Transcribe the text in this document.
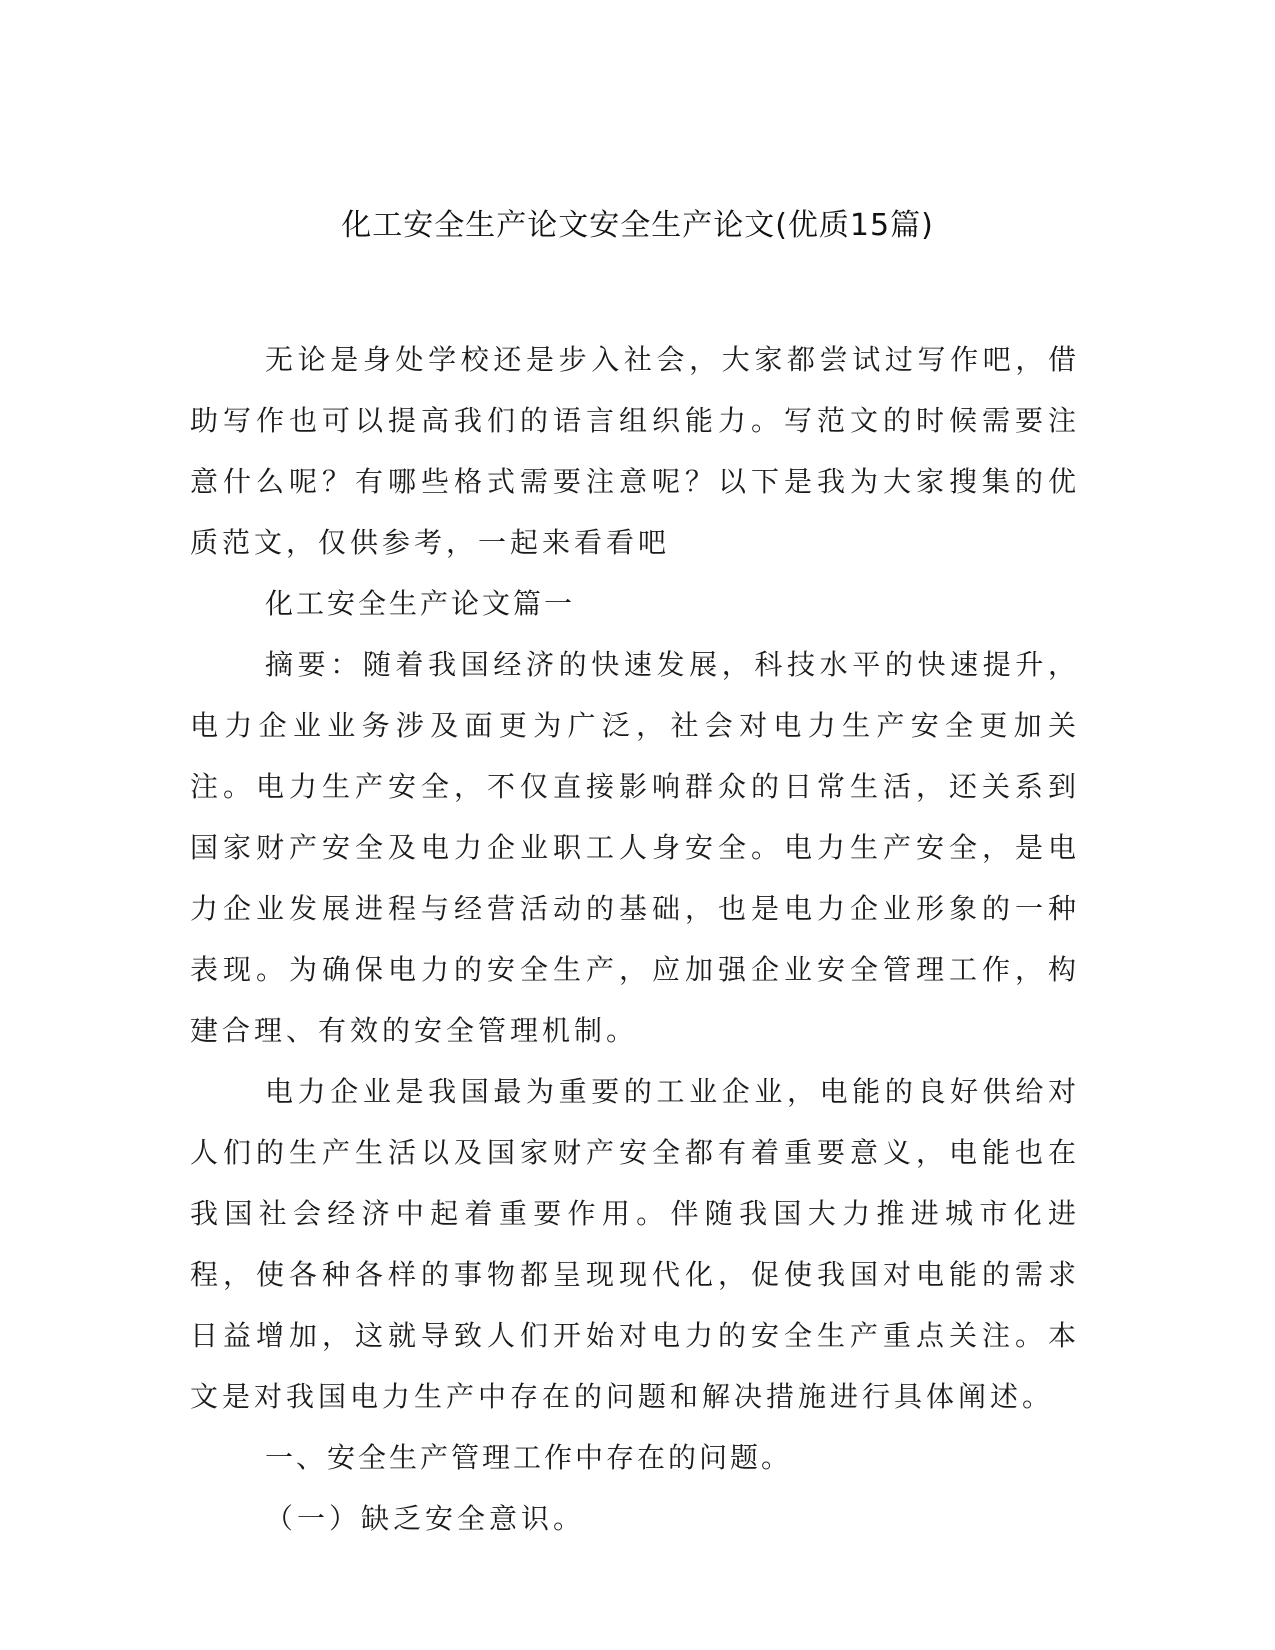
化工安全生产论文安全生产论文(优质15篇)

无论是身处学校还是步入社会，大家都尝试过写作吧，借助写作也可以提高我们的语言组织能力。写范文的时候需要注意什么呢？有哪些格式需要注意呢？以下是我为大家搜集的优质范文，仅供参考，一起来看看吧

化工安全生产论文篇一

摘要：随着我国经济的快速发展，科技水平的快速提升，电力企业业务涉及面更为广泛，社会对电力生产安全更加关注。电力生产安全，不仅直接影响群众的日常生活，还关系到国家财产安全及电力企业职工人身安全。电力生产安全，是电力企业发展进程与经营活动的基础，也是电力企业形象的一种表现。为确保电力的安全生产，应加强企业安全管理工作，构建合理、有效的安全管理机制。

电力企业是我国最为重要的工业企业，电能的良好供给对人们的生产生活以及国家财产安全都有着重要意义，电能也在我国社会经济中起着重要作用。伴随我国大力推进城市化进程，使各种各样的事物都呈现现代化，促使我国对电能的需求日益增加，这就导致人们开始对电力的安全生产重点关注。本文是对我国电力生产中存在的问题和解决措施进行具体阐述。

一、安全生产管理工作中存在的问题。

（一）缺乏安全意识。
